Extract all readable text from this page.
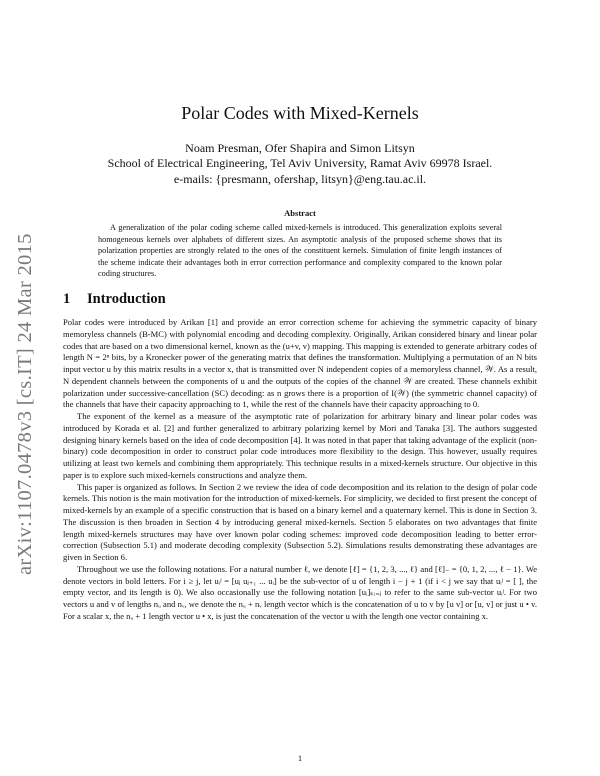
arXiv:1107.0478v3 [cs.IT] 24 Mar 2015
Polar Codes with Mixed-Kernels
Noam Presman, Ofer Shapira and Simon Litsyn
School of Electrical Engineering, Tel Aviv University, Ramat Aviv 69978 Israel.
e-mails: {presmann, ofershap, litsyn}@eng.tau.ac.il.
Abstract
A generalization of the polar coding scheme called mixed-kernels is introduced. This generalization exploits several homogeneous kernels over alphabets of different sizes. An asymptotic analysis of the proposed scheme shows that its polarization properties are strongly related to the ones of the constituent kernels. Simulation of finite length instances of the scheme indicate their advantages both in error correction performance and complexity compared to the known polar coding structures.
1 Introduction

Polar codes were introduced by Arikan [1] and provide an error correction scheme for achieving the symmetric capacity of binary memoryless channels (B-MC) with polynomial encoding and decoding complexity. Originally, Arikan considered binary and linear polar codes that are based on a two dimensional kernel, known as the (u+v, v) mapping. This mapping is extended to generate arbitrary codes of length N = 2ⁿ bits, by a Kronecker power of the generating matrix that defines the transformation. Multiplying a permutation of an N bits input vector u by this matrix results in a vector x, that is transmitted over N independent copies of a memoryless channel, 𝒲. As a result, N dependent channels between the components of u and the outputs of the copies of the channel 𝒲 are created. These channels exhibit polarization under successive-cancellation (SC) decoding: as n grows there is a proportion of I(𝒲) (the symmetric channel capacity) of the channels that have their capacity approaching to 1, while the rest of the channels have their capacity approaching to 0.

The exponent of the kernel as a measure of the asymptotic rate of polarization for arbitrary binary and linear polar codes was introduced by Korada et al. [2] and further generalized to arbitrary polarizing kernel by Mori and Tanaka [3]. The authors suggested designing binary kernels based on the idea of code decomposition [4]. It was noted in that paper that taking advantage of the explicit (non-binary) code decomposition in order to construct polar code introduces more flexibility to the design. This however, usually requires utilizing at least two kernels and combining them appropriately. This technique results in a mixed-kernels structure. Our objective in this paper is to explore such mixed-kernels constructions and analyze them.

This paper is organized as follows. In Section 2 we review the idea of code decomposition and its relation to the design of polar code kernels. This notion is the main motivation for the introduction of mixed-kernels. For simplicity, we decided to first present the concept of mixed-kernels by an example of a specific construction that is based on a binary kernel and a quaternary kernel. This is done in Section 3. The discussion is then broaden in Section 4 by introducing general mixed-kernels. Section 5 elaborates on two advantages that finite length mixed-kernels structures may have over known polar coding schemes: improved code decomposition leading to better error-correction (Subsection 5.1) and moderate decoding complexity (Subsection 5.2). Simulations results demonstrating these advantages are given in Section 6.

Throughout we use the following notations. For a natural number ℓ, we denote [ℓ] = {1, 2, 3, ..., ℓ} and [ℓ]₋ = {0, 1, 2, ..., ℓ − 1}. We denote vectors in bold letters. For i ≥ j, let uᵢʲ = [uⱼ uⱼ₊₁ ... uᵢ] be the sub-vector of u of length i − j + 1 (if i < j we say that uᵢʲ = [ ], the empty vector, and its length is 0). We also occasionally use the following notation [uᵢ]ₖᵢ₌ⱼ to refer to the same sub-vector uᵢʲ. For two vectors u and v of lengths nᵤ and nᵥ, we denote the nᵤ + nᵥ length vector which is the concatenation of u to v by [u v] or [u, v] or just u • v. For a scalar x, the nᵤ + 1 length vector u • x, is just the concatenation of the vector u with the length one vector containing x.

1
